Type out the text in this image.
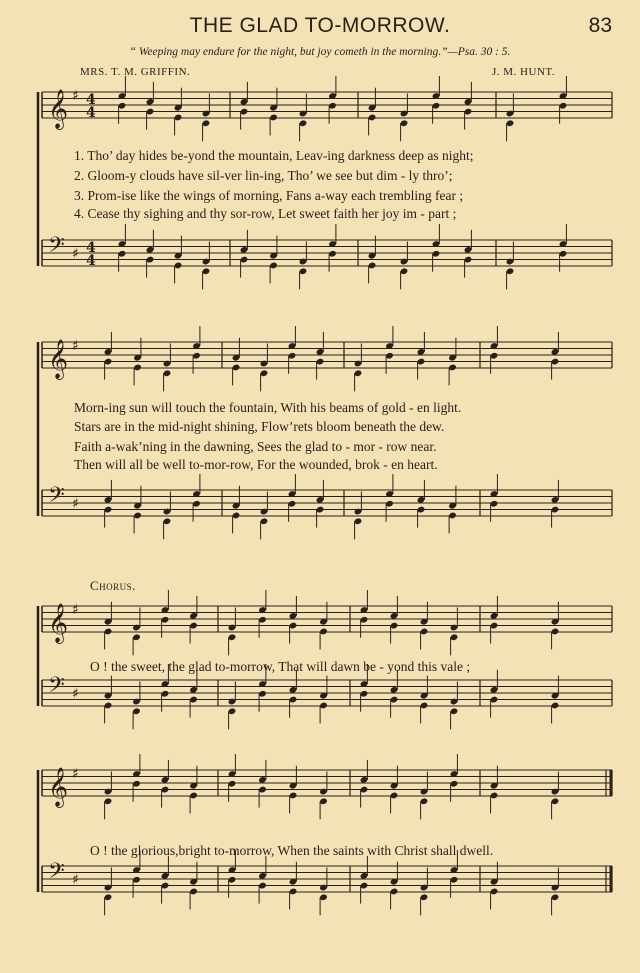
THE GLAD TO-MORROW.	83
“ Weeping may endure for the night, but joy cometh in the morning.”—Psa. 30 : 5.
MRS. T. M. GRIFFIN.	J. M. HUNT.
1. Tho’ day hides be-yond the mountain, Leav-ing darkness deep as night;
2. Gloom-y clouds have sil-ver lin-ing, Tho’ we see but dim - ly thro’;
3. Prom-ise like the wings of morning, Fans a-way each trembling fear ;
4. Cease thy sighing and thy sor-row, Let sweet faith her joy im - part ;
Morn-ing sun will touch the fountain, With his beams of gold - en light.
Stars are in the mid-night shining, Flow’rets bloom beneath the dew.
Faith a-wak’ning in the dawning, Sees the glad to - mor - row near.
Then will all be well to-mor-row, For the wounded, brok - en heart.
Chorus.
O ! the sweet, the glad to-morrow, That will dawn be - yond this vale ;
O ! the glorious,bright to-morrow, When the saints with Christ shall dwell.
𝄞 ♯ 4
4
𝄢 ♯ 4
4
𝄞 ♯
𝄢 ♯
𝄞 ♯
𝄢 ♯
𝄞 ♯
𝄢 ♯
